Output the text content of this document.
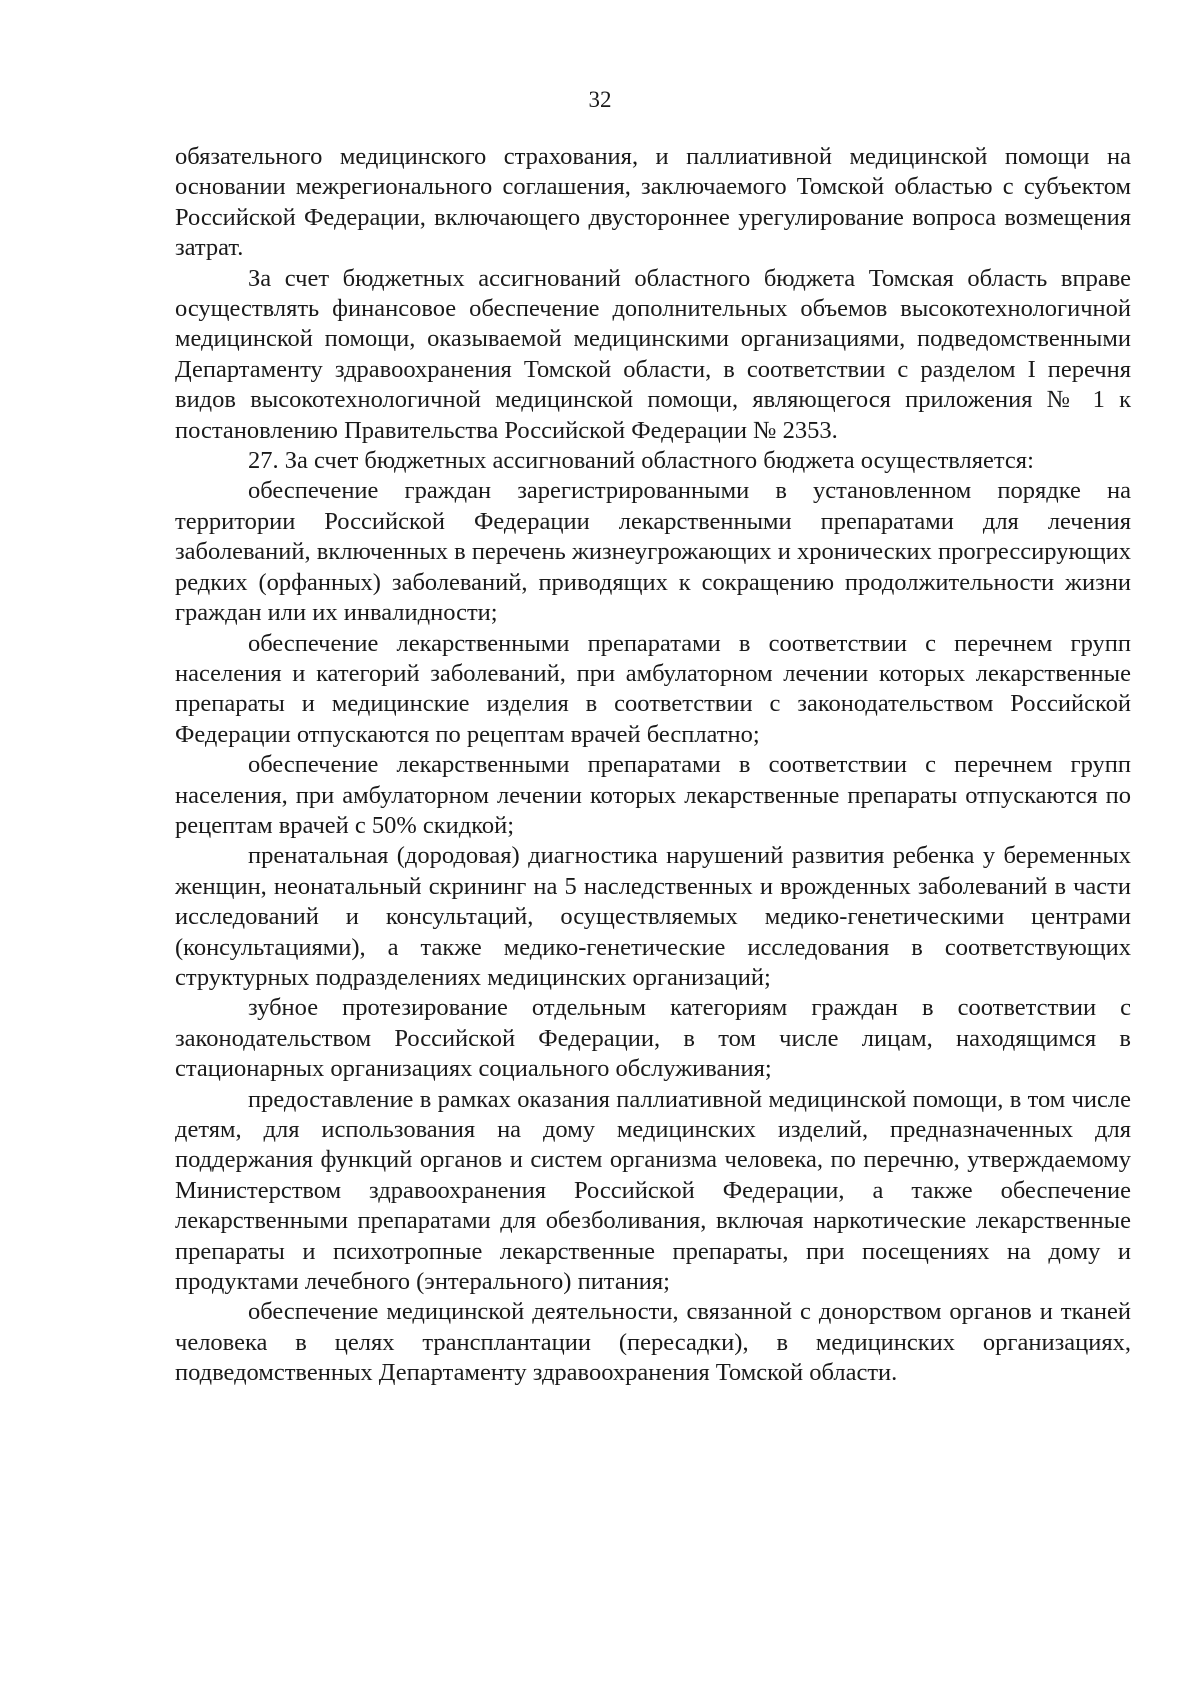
32

обязательного медицинского страхования, и паллиативной медицинской помощи на основании межрегионального соглашения, заключаемого Томской областью с субъектом Российской Федерации, включающего двустороннее урегулирование вопроса возмещения затрат.

За счет бюджетных ассигнований областного бюджета Томская область вправе осуществлять финансовое обеспечение дополнительных объемов высокотехнологичной медицинской помощи, оказываемой медицинскими организациями, подведомственными Департаменту здравоохранения Томской области, в соответствии с разделом I перечня видов высокотехнологичной медицинской помощи, являющегося приложения № 1 к постановлению Правительства Российской Федерации № 2353.

27. За счет бюджетных ассигнований областного бюджета осуществляется:

обеспечение граждан зарегистрированными в установленном порядке на территории Российской Федерации лекарственными препаратами для лечения заболеваний, включенных в перечень жизнеугрожающих и хронических прогрессирующих редких (орфанных) заболеваний, приводящих к сокращению продолжительности жизни граждан или их инвалидности;

обеспечение лекарственными препаратами в соответствии с перечнем групп населения и категорий заболеваний, при амбулаторном лечении которых лекарственные препараты и медицинские изделия в соответствии с законодательством Российской Федерации отпускаются по рецептам врачей бесплатно;

обеспечение лекарственными препаратами в соответствии с перечнем групп населения, при амбулаторном лечении которых лекарственные препараты отпускаются по рецептам врачей с 50% скидкой;

пренатальная (дородовая) диагностика нарушений развития ребенка у беременных женщин, неонатальный скрининг на 5 наследственных и врожденных заболеваний в части исследований и консультаций, осуществляемых медико-генетическими центрами (консультациями), а также медико-генетические исследования в соответствующих структурных подразделениях медицинских организаций;

зубное протезирование отдельным категориям граждан в соответствии с законодательством Российской Федерации, в том числе лицам, находящимся в стационарных организациях социального обслуживания;

предоставление в рамках оказания паллиативной медицинской помощи, в том числе детям, для использования на дому медицинских изделий, предназначенных для поддержания функций органов и систем организма человека, по перечню, утверждаемому Министерством здравоохранения Российской Федерации, а также обеспечение лекарственными препаратами для обезболивания, включая наркотические лекарственные препараты и психотропные лекарственные препараты, при посещениях на дому и продуктами лечебного (энтерального) питания;

обеспечение медицинской деятельности, связанной с донорством органов и тканей человека в целях трансплантации (пересадки), в медицинских организациях, подведомственных Департаменту здравоохранения Томской области.
